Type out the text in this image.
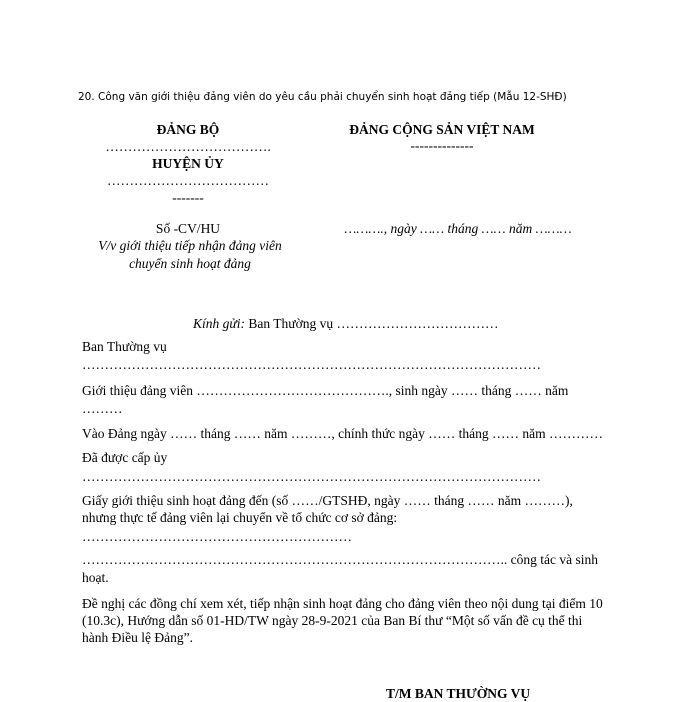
20. Công văn giới thiệu đảng viên do yêu cầu phải chuyển sinh hoạt đảng tiếp (Mẫu 12-SHĐ)
ĐẢNG BỘ
……………………………….
HUYỆN ỦY
………………………………
-------
Số -CV/HU
V/v giới thiệu tiếp nhận đảng viên
chuyển sinh hoạt đảng
ĐẢNG CỘNG SẢN VIỆT NAM
--------------
………., ngày …… tháng …… năm ………
Kính gửi: Ban Thường vụ ………………………………
Ban Thường vụ
…………………………………………………………………………………………
Giới thiệu đảng viên ……………………………………., sinh ngày …… tháng …… năm
………
Vào Đảng ngày …… tháng …… năm ………, chính thức ngày …… tháng …… năm …………
Đã được cấp ủy
…………………………………………………………………………………………
Giấy giới thiệu sinh hoạt đảng đến (số ……/GTSHĐ, ngày …… tháng …… năm ………),
nhưng thực tế đảng viên lại chuyển về tổ chức cơ sở đảng:
……………………………………………………
………………………………………………………………………………….. công tác và sinh
hoạt.
Đề nghị các đồng chí xem xét, tiếp nhận sinh hoạt đảng cho đảng viên theo nội dung tại điểm 10
(10.3c), Hướng dẫn số 01-HD/TW ngày 28-9-2021 của Ban Bí thư “Một số vấn đề cụ thể thi
hành Điều lệ Đảng”.
T/M BAN THƯỜNG VỤ
